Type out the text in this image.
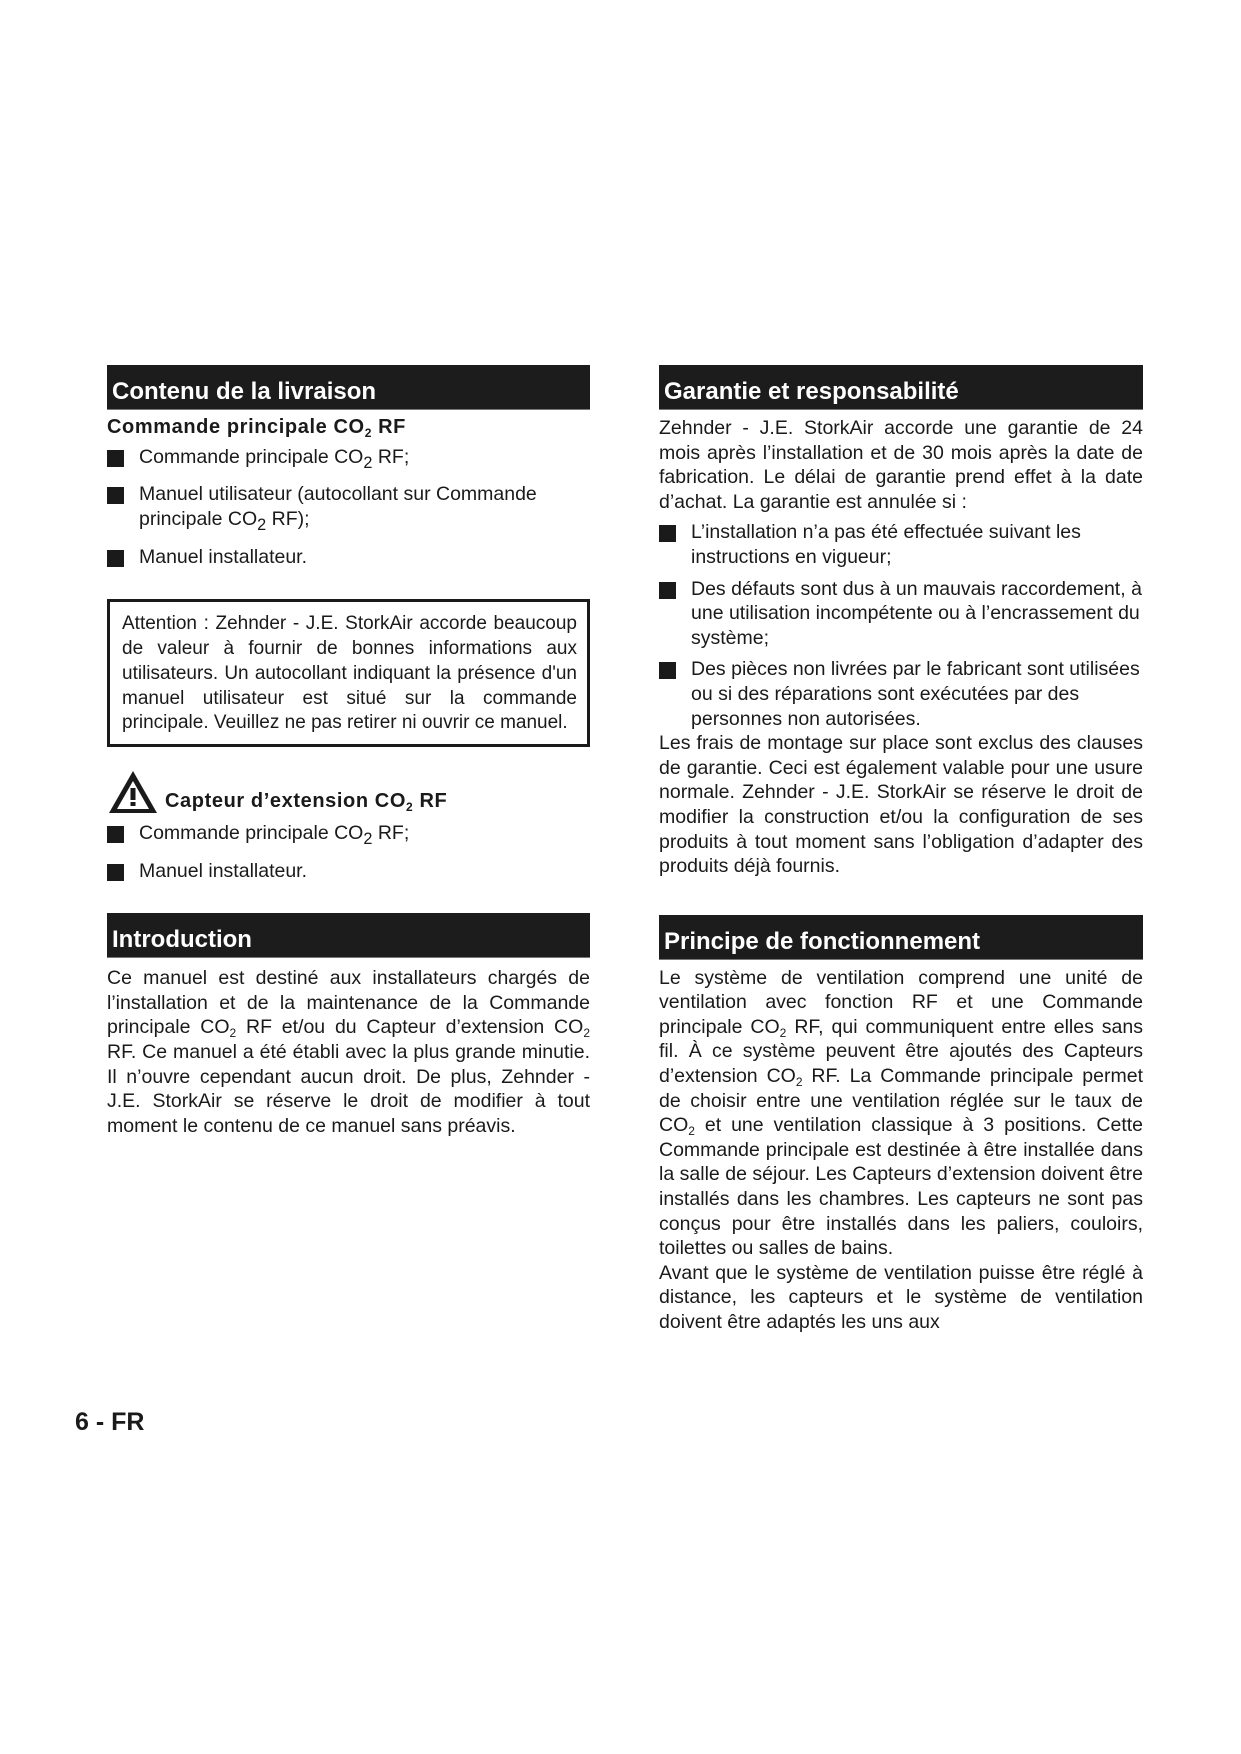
Contenu de la livraison
Commande principale $CO_2$ RF
Commande principale $CO_2$ RF;
Manuel utilisateur (autocollant sur Commande principale $CO_2$ RF);
Manuel installateur.

Attention : Zehnder - J.E. StorkAir accorde beaucoup de valeur à fournir de bonnes informations aux utilisateurs. Un autocollant indiquant la présence d'un manuel utilisateur est situé sur la commande principale. Veuillez ne pas retirer ni ouvrir ce manuel.

Capteur d’extension $CO_2$ RF
Commande principale $CO_2$ RF;
Manuel installateur.
Introduction

Ce manuel est destiné aux installateurs chargés de l’installation et de la maintenance de la Commande principale $CO_2$ RF et/ou du Capteur d’extension $CO_2$ RF. Ce manuel a été établi avec la plus grande minutie. Il n’ouvre cependant aucun droit. De plus, Zehnder - J.E. StorkAir se réserve le droit de modifier à tout moment le contenu de ce manuel sans préavis.

Garantie et responsabilité

Zehnder - J.E. StorkAir accorde une garantie de 24 mois après l’installation et de 30 mois après la date de fabrication. Le délai de garantie prend effet à la date d’achat. La garantie est annulée si :

L’installation n’a pas été effectuée suivant les instructions en vigueur;
Des défauts sont dus à un mauvais raccordement, à une utilisation incompétente ou à l’encrassement du système;
Des pièces non livrées par le fabricant sont utilisées ou si des réparations sont exécutées par des personnes non autorisées.

Les frais de montage sur place sont exclus des clauses de garantie. Ceci est également valable pour une usure normale. Zehnder - J.E. StorkAir se réserve le droit de modifier la construction et/ou la configuration de ses produits à tout moment sans l’obligation d’adapter des produits déjà fournis.

Principe de fonctionnement

Le système de ventilation comprend une unité de ventilation avec fonction RF et une Commande principale $CO_2$ RF, qui communiquent entre elles sans fil. À ce système peuvent être ajoutés des Capteurs d’extension $CO_2$ RF. La Commande principale permet de choisir entre une ventilation réglée sur le taux de $CO_2$ et une ventilation classique à 3 positions. Cette Commande principale est destinée à être installée dans la salle de séjour. Les Capteurs d’extension doivent être installés dans les chambres. Les capteurs ne sont pas conçus pour être installés dans les paliers, couloirs, toilettes ou salles de bains.

Avant que le système de ventilation puisse être réglé à distance, les capteurs et le système de ventilation doivent être adaptés les uns aux

6 - FR
